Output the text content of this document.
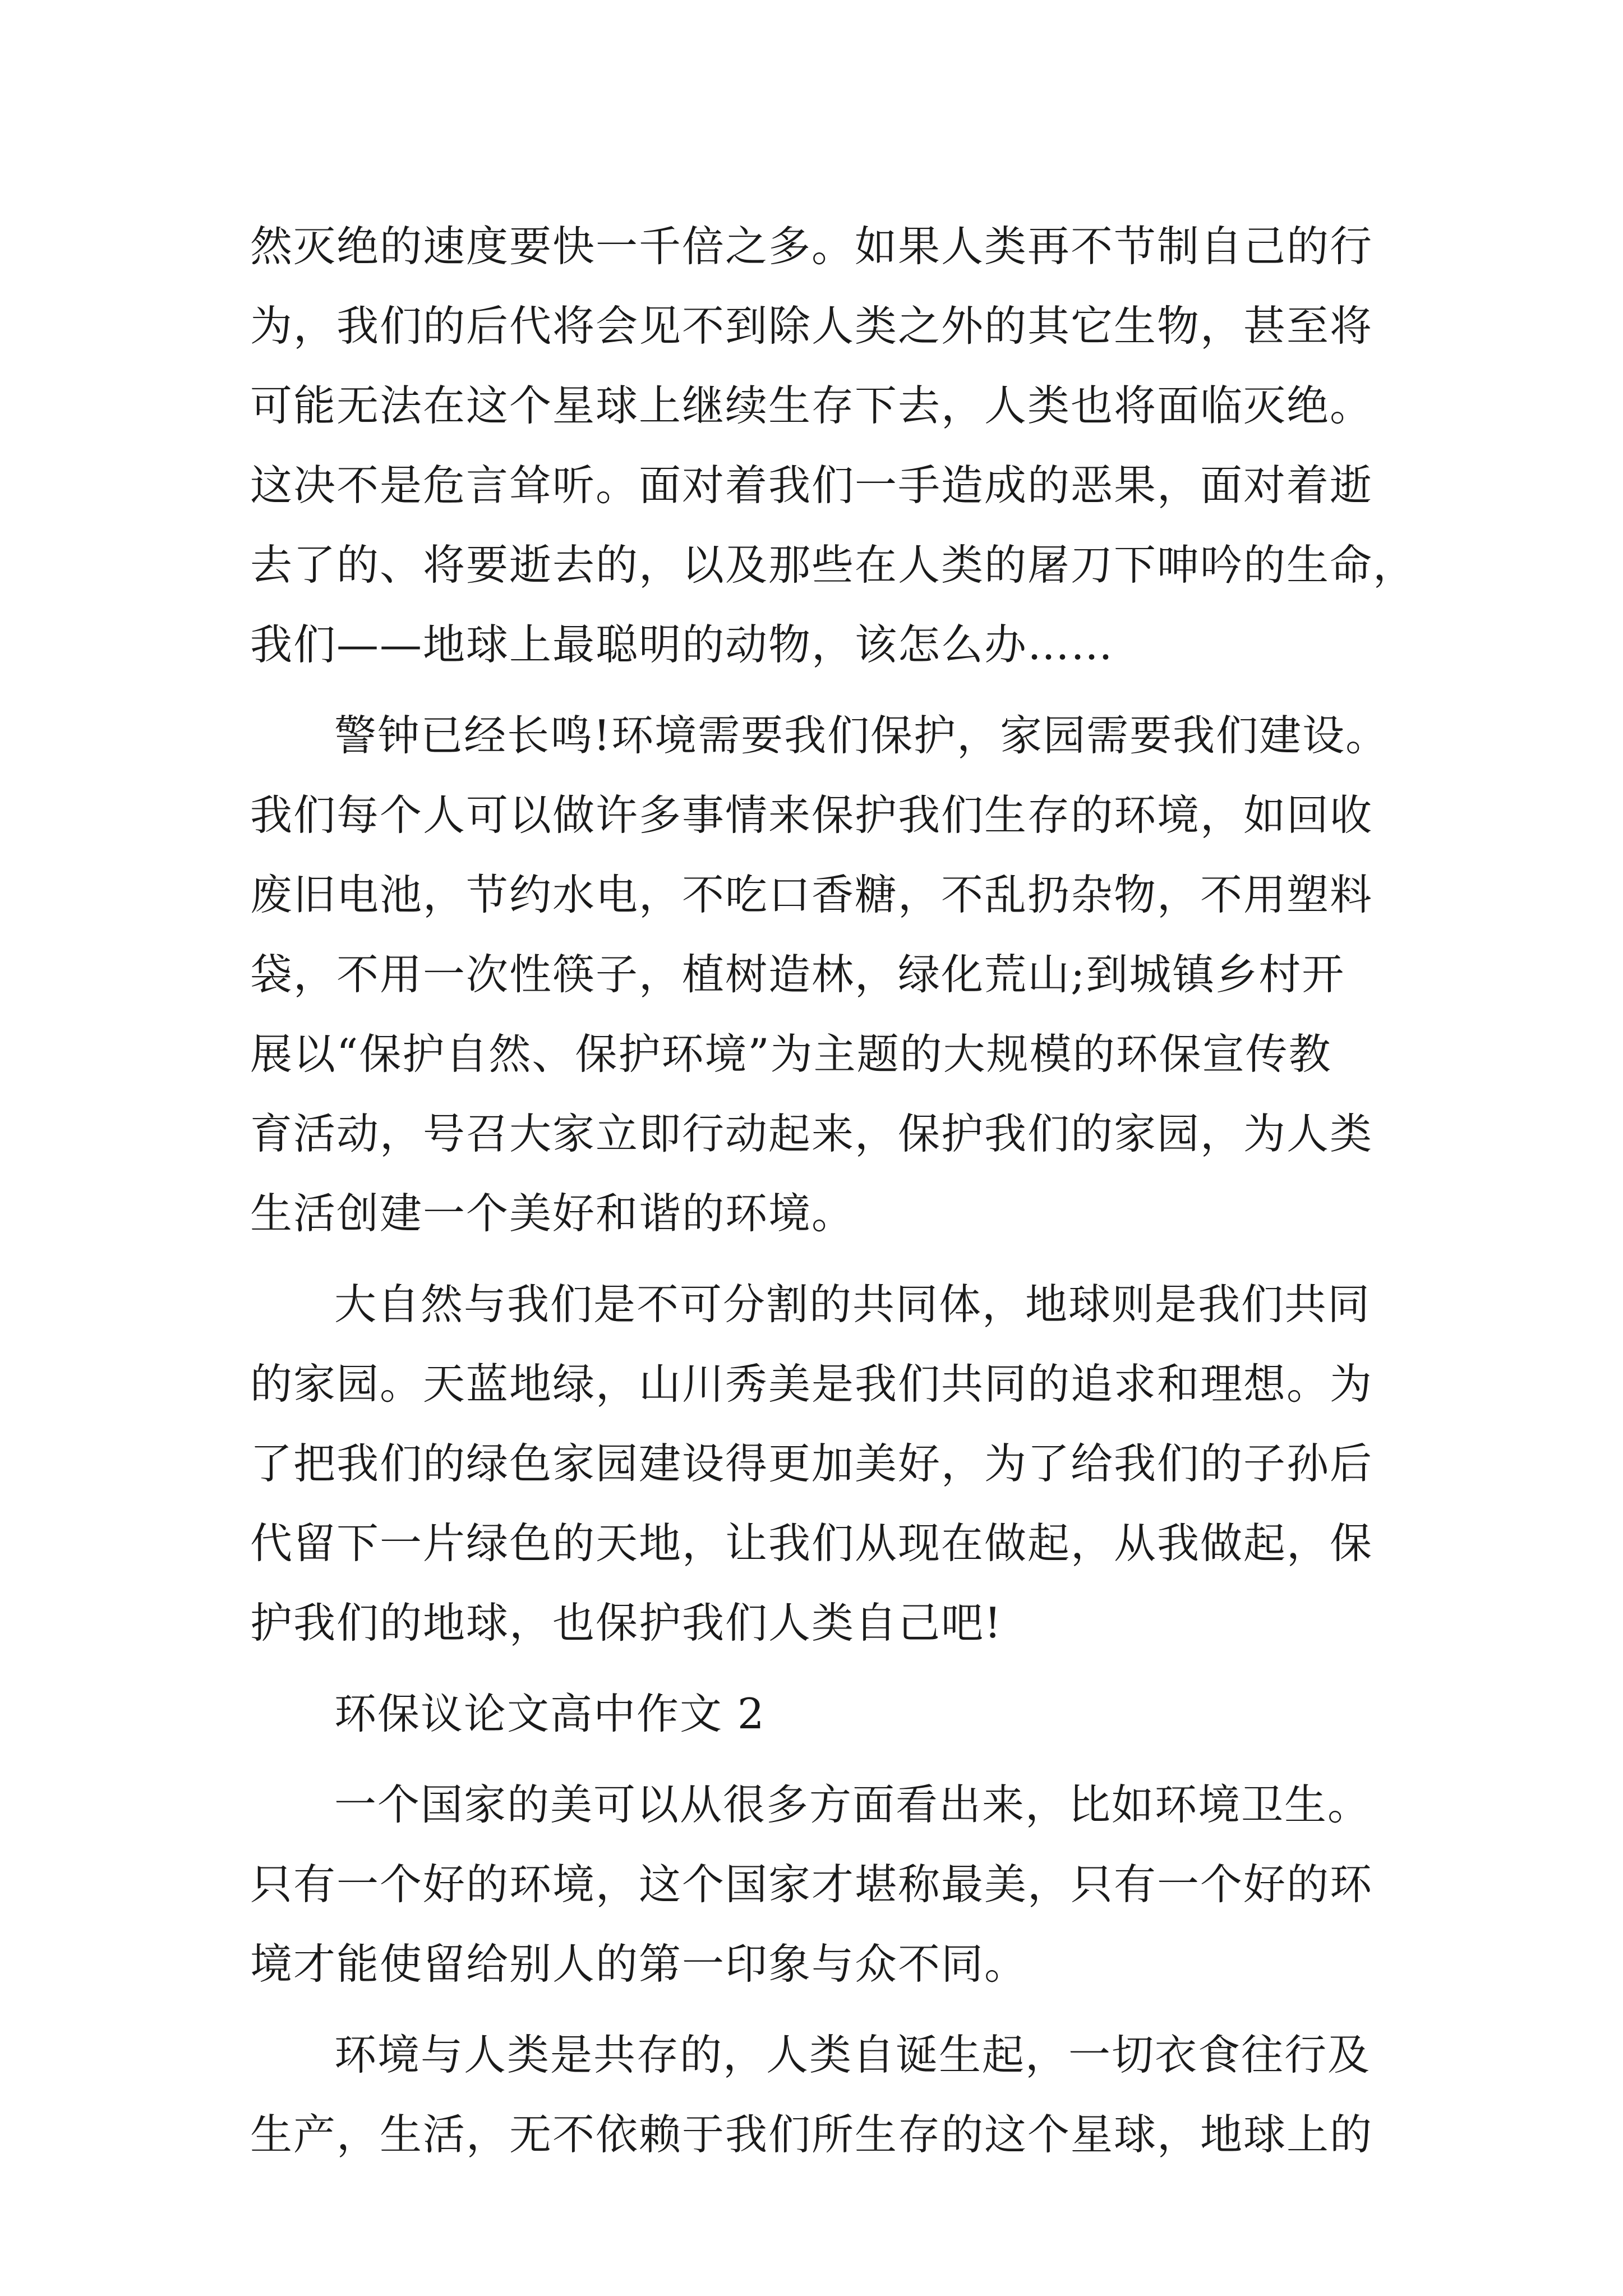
然灭绝的速度要快一千倍之多。如果人类再不节制自己的行
为，我们的后代将会见不到除人类之外的其它生物，甚至将
可能无法在这个星球上继续生存下去，人类也将面临灭绝。
这决不是危言耸听。面对着我们一手造成的恶果，面对着逝
去了的、将要逝去的，以及那些在人类的屠刀下呻吟的生命，
我们——地球上最聪明的动物，该怎么办……
警钟已经长鸣!环境需要我们保护，家园需要我们建设。
我们每个人可以做许多事情来保护我们生存的环境，如回收
废旧电池，节约水电，不吃口香糖，不乱扔杂物，不用塑料
袋，不用一次性筷子，植树造林，绿化荒山;到城镇乡村开
展以“保护自然、保护环境”为主题的大规模的环保宣传教
育活动，号召大家立即行动起来，保护我们的家园，为人类
生活创建一个美好和谐的环境。
大自然与我们是不可分割的共同体，地球则是我们共同
的家园。天蓝地绿，山川秀美是我们共同的追求和理想。为
了把我们的绿色家园建设得更加美好，为了给我们的子孙后
代留下一片绿色的天地，让我们从现在做起，从我做起，保
护我们的地球，也保护我们人类自己吧!
环保议论文高中作文 2
一个国家的美可以从很多方面看出来，比如环境卫生。
只有一个好的环境，这个国家才堪称最美，只有一个好的环
境才能使留给别人的第一印象与众不同。
环境与人类是共存的，人类自诞生起，一切衣食往行及
生产，生活，无不依赖于我们所生存的这个星球，地球上的
